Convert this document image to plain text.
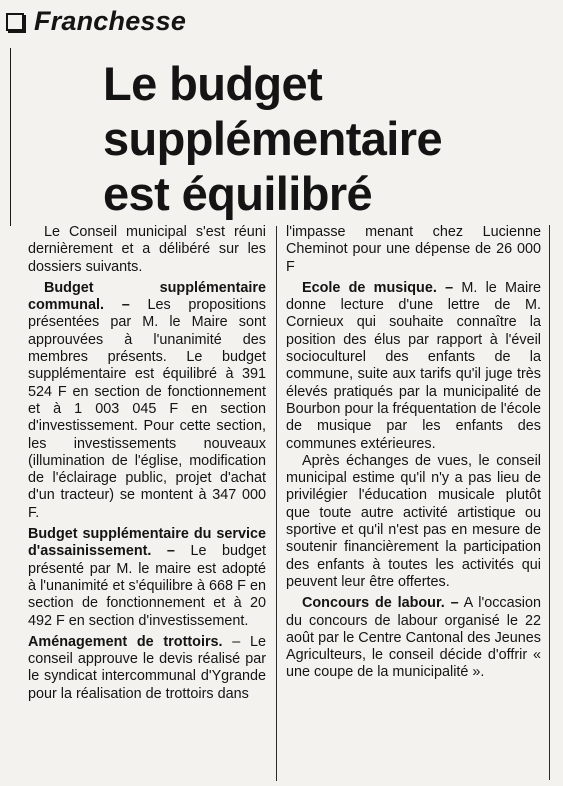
Franchesse
Le budget
supplémentaire
est équilibré

Le Conseil municipal s'est réuni dernièrement et a délibéré sur les dossiers suivants.

Budget supplémentaire communal. – Les propositions présentées par M. le Maire sont approuvées à l'unanimité des membres présents. Le budget supplémentaire est équilibré à 391 524 F en section de fonctionnement et à 1 003 045 F en section d'investissement. Pour cette section, les investissements nouveaux (illumination de l'église, modification de l'éclairage public, projet d'achat d'un tracteur) se montent à 347 000 F.

Budget supplémentaire du service d'assainissement. – Le budget présenté par M. le maire est adopté à l'unanimité et s'équilibre à 668 F en section de fonctionnement et à 20 492 F en section d'investissement.

Aménagement de trottoirs. – Le conseil approuve le devis réalisé par le syndicat intercommunal d'Ygrande pour la réalisation de trottoirs dans

l'impasse menant chez Lucienne Cheminot pour une dépense de 26 000 F

Ecole de musique. – M. le Maire donne lecture d'une lettre de M. Cornieux qui souhaite connaître la position des élus par rapport à l'éveil socioculturel des enfants de la commune, suite aux tarifs qu'il juge très élevés pratiqués par la municipalité de Bourbon pour la fréquentation de l'école de musique par les enfants des communes extérieures.

Après échanges de vues, le conseil municipal estime qu'il n'y a pas lieu de privilégier l'éducation musicale plutôt que toute autre activité artistique ou sportive et qu'il n'est pas en mesure de soutenir financièrement la participation des enfants à toutes les activités qui peuvent leur être offertes.

Concours de labour. – A l'occasion du concours de labour organisé le 22 août par le Centre Cantonal des Jeunes Agriculteurs, le conseil décide d'offrir « une coupe de la municipalité ».
